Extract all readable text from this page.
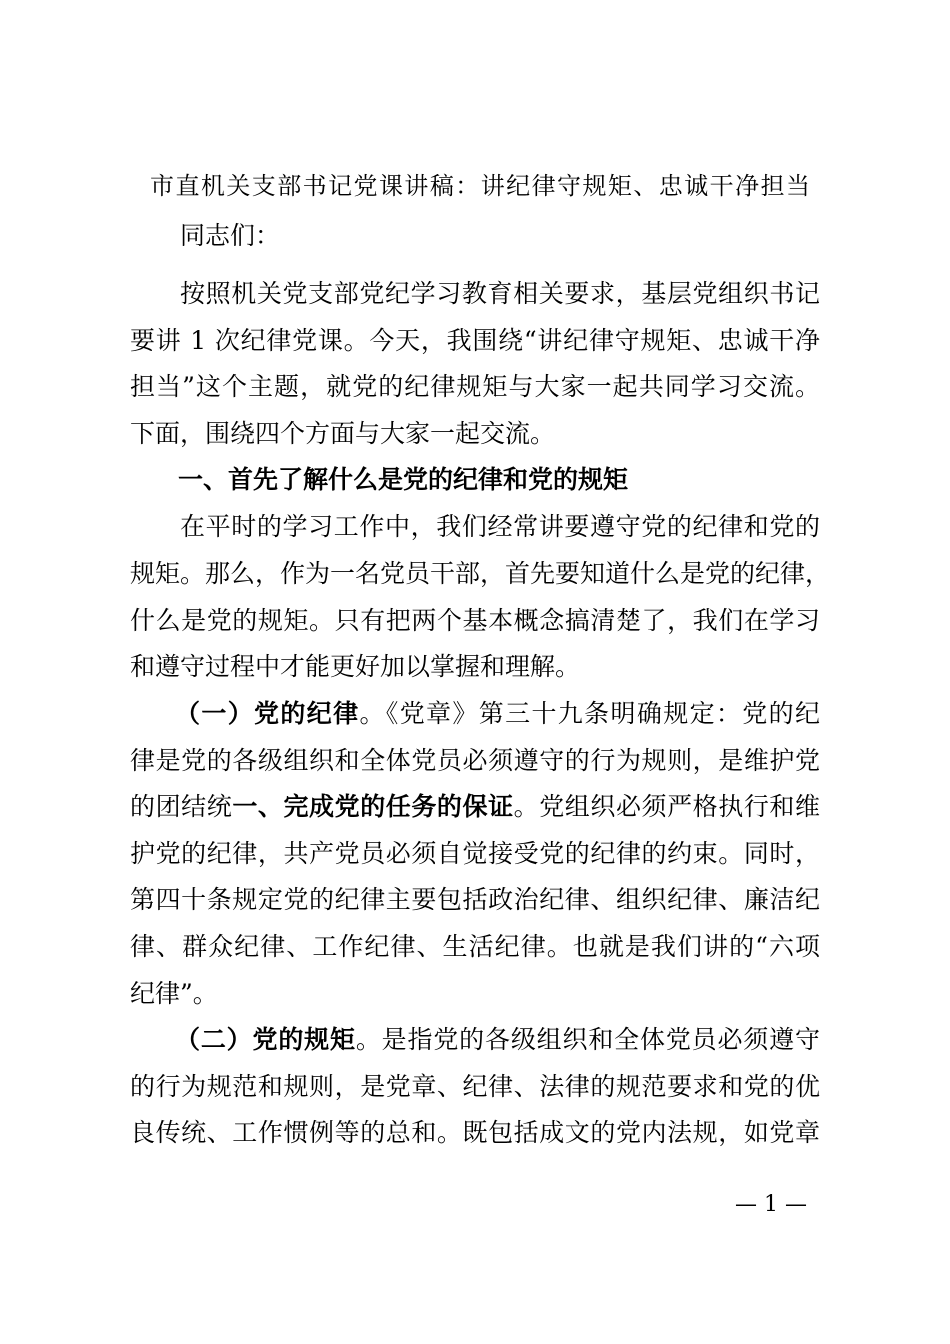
市直机关支部书记党课讲稿：讲纪律守规矩、忠诚干净担当
同志们：
按照机关党支部党纪学习教育相关要求，基层党组织书记
要讲 1 次纪律党课。今天，我围绕“讲纪律守规矩、忠诚干净
担当”这个主题，就党的纪律规矩与大家一起共同学习交流。
下面，围绕四个方面与大家一起交流。
一、首先了解什么是党的纪律和党的规矩
在平时的学习工作中，我们经常讲要遵守党的纪律和党的
规矩。那么，作为一名党员干部，首先要知道什么是党的纪律，
什么是党的规矩。只有把两个基本概念搞清楚了，我们在学习
和遵守过程中才能更好加以掌握和理解。
（一）党的纪律。《党章》第三十九条明确规定：党的纪
律是党的各级组织和全体党员必须遵守的行为规则，是维护党
的团结统一、完成党的任务的保证。党组织必须严格执行和维
护党的纪律，共产党员必须自觉接受党的纪律的约束。同时，
第四十条规定党的纪律主要包括政治纪律、组织纪律、廉洁纪
律、群众纪律、工作纪律、生活纪律。也就是我们讲的“六项
纪律”。
（二）党的规矩。是指党的各级组织和全体党员必须遵守
的行为规范和规则，是党章、纪律、法律的规范要求和党的优
良传统、工作惯例等的总和。既包括成文的党内法规，如党章
— 1 —
